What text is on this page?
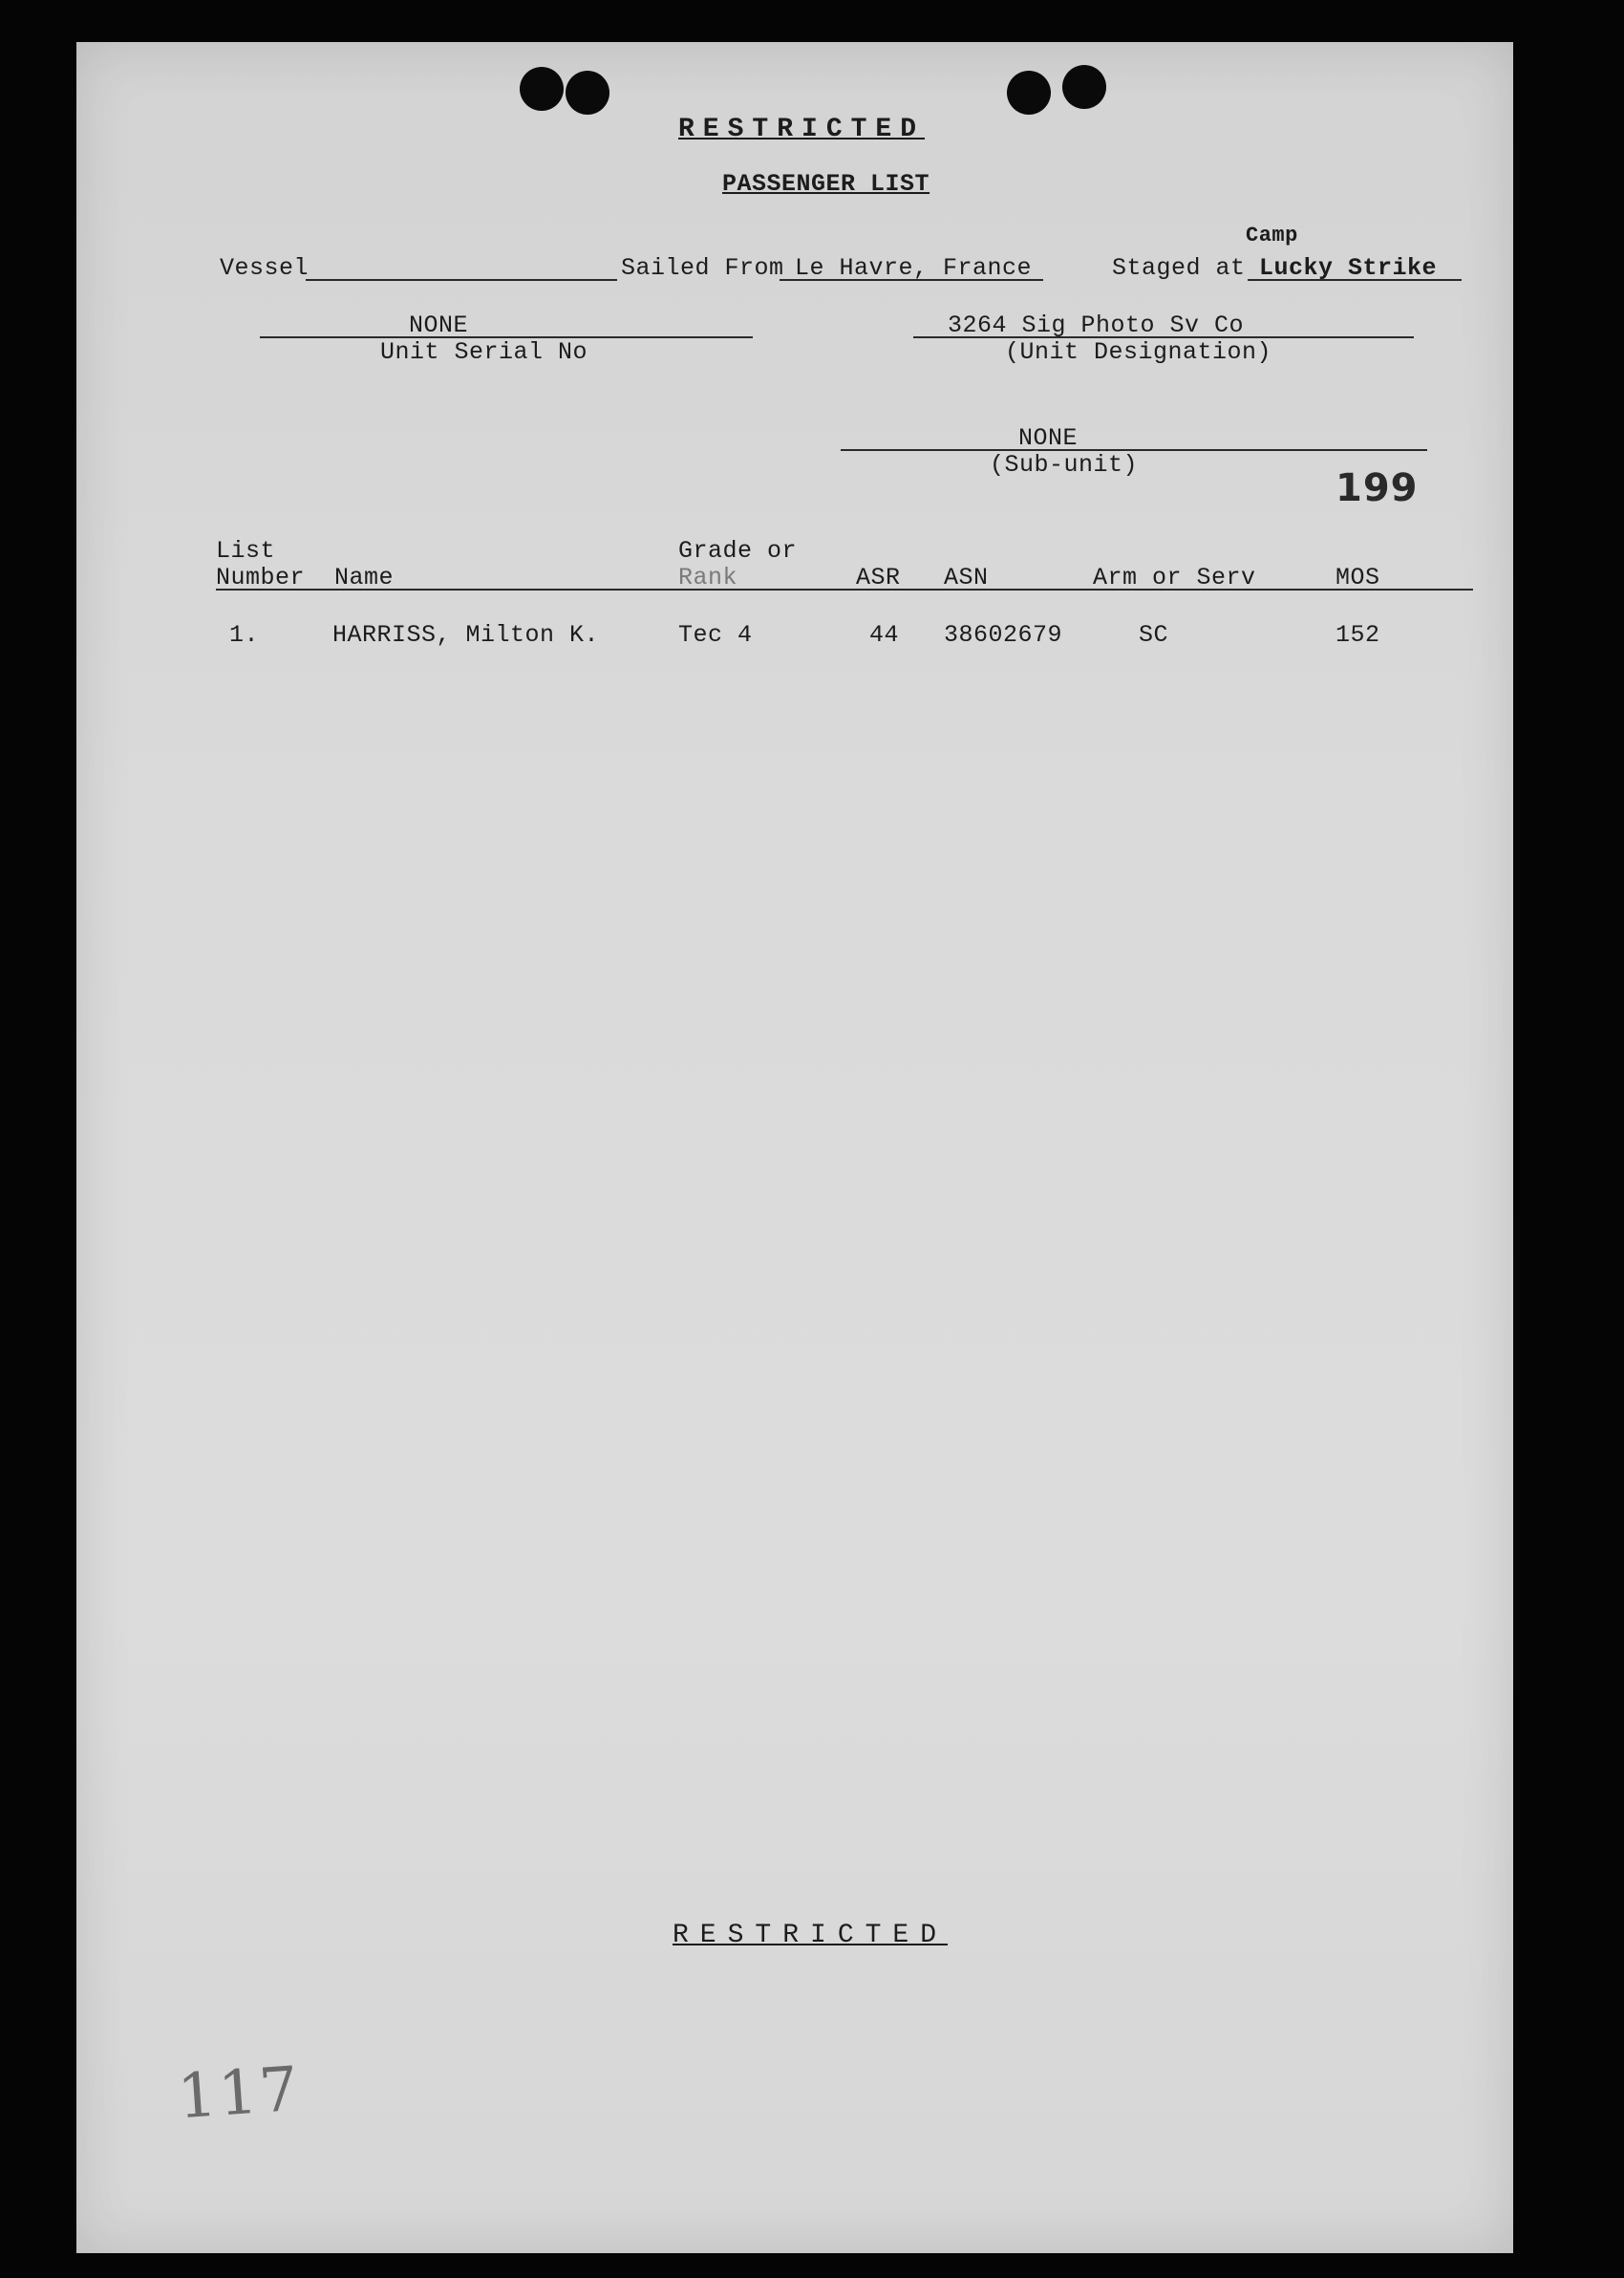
RESTRICTED
PASSENGER LIST
Vessel	Sailed From Le Havre, France	Staged at
Camp
Lucky Strike
NONE
Unit Serial No
3264 Sig Photo Sv Co
(Unit Designation)
NONE
(Sub-unit)
199
List
Number Name
Grade or
Rank	ASR ASN	Arm or Serv	MOS
1.	HARRISS, Milton K.	Tec 4	44 38602679	SC	152
RESTRICTED
117
